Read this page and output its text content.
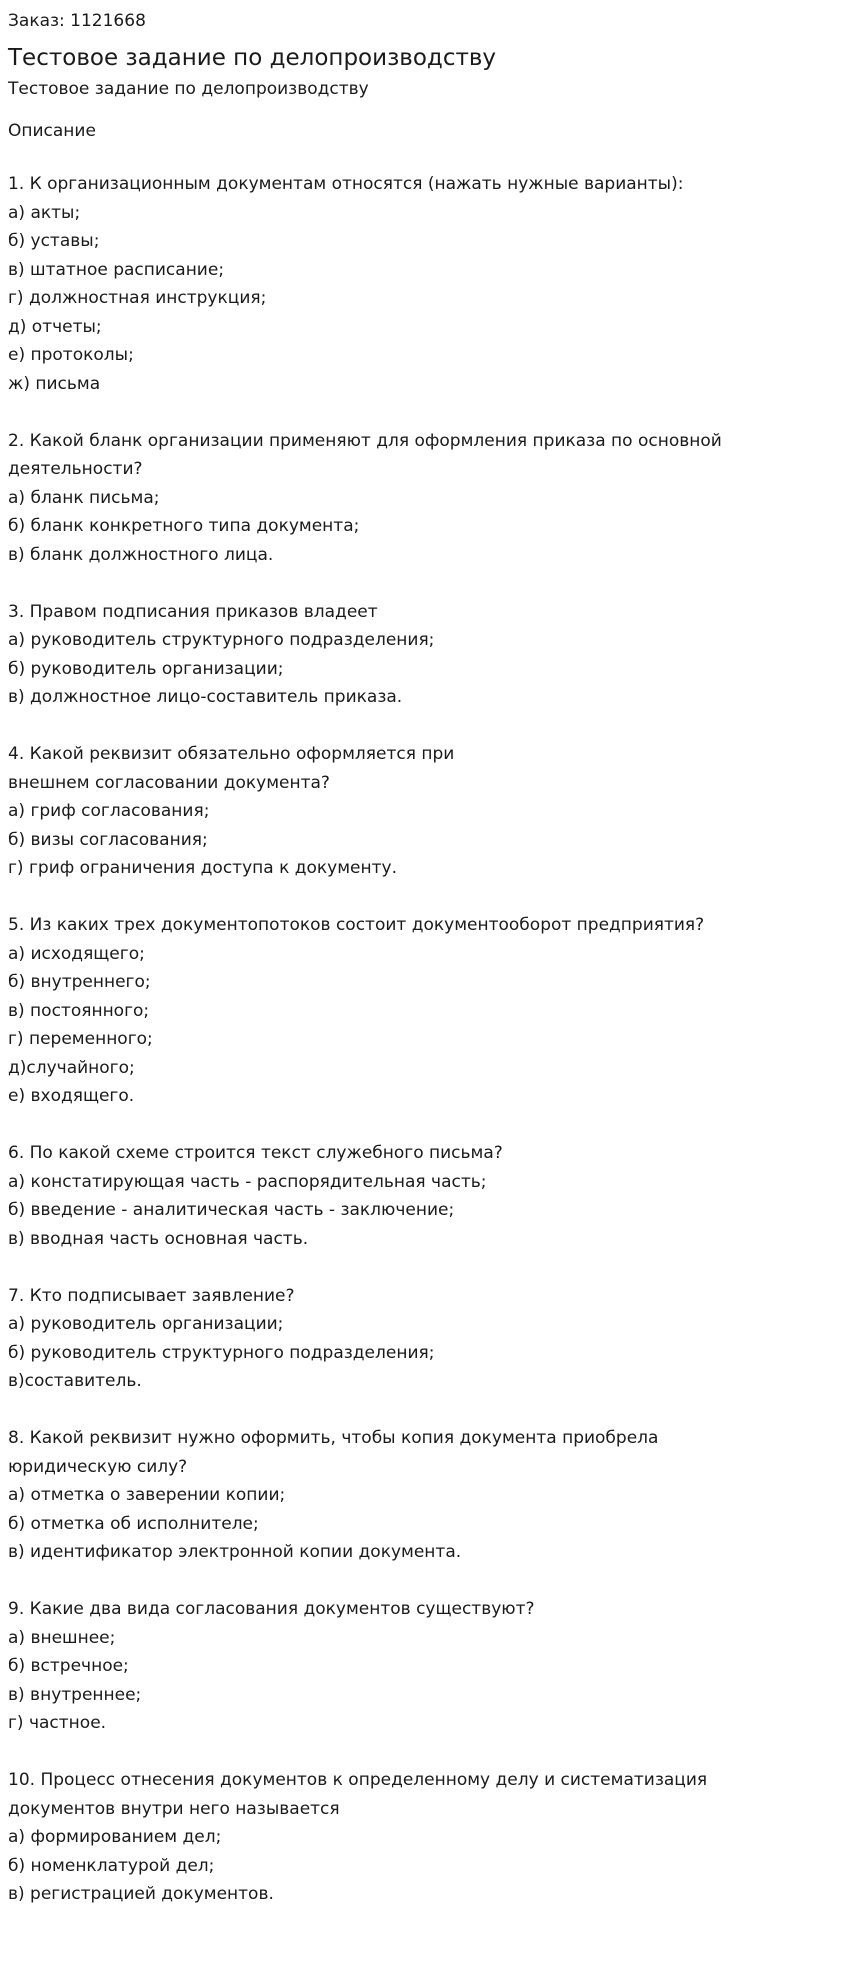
Заказ: 1121668
Тестовое задание по делопроизводству
Тестовое задание по делопроизводству
Описание
1. К организационным документам относятся (нажать нужные варианты):
а) акты;
б) уставы;
в) штатное расписание;
г) должностная инструкция;
д) отчеты;
е) протоколы;
ж) письма
2. Какой бланк организации применяют для оформления приказа по основной
деятельности?
а) бланк письма;
б) бланк конкретного типа документа;
в) бланк должностного лица.
3. Правом подписания приказов владеет
а) руководитель структурного подразделения;
б) руководитель организации;
в) должностное лицо-составитель приказа.
4. Какой реквизит обязательно оформляется при
внешнем согласовании документа?
а) гриф согласования;
б) визы согласования;
г) гриф ограничения доступа к документу.
5. Из каких трех документопотоков состоит документооборот предприятия?
а) исходящего;
б) внутреннего;
в) постоянного;
г) переменного;
д)случайного;
е) входящего.
6. По какой схеме строится текст служебного письма?
а) констатирующая часть - распорядительная часть;
б) введение - аналитическая часть - заключение;
в) вводная часть основная часть.
7. Кто подписывает заявление?
а) руководитель организации;
б) руководитель структурного подразделения;
в)составитель.
8. Какой реквизит нужно оформить, чтобы копия документа приобрела
юридическую силу?
а) отметка о заверении копии;
б) отметка об исполнителе;
в) идентификатор электронной копии документа.
9. Какие два вида согласования документов существуют?
а) внешнее;
б) встречное;
в) внутреннее;
г) частное.
10. Процесс отнесения документов к определенному делу и систематизация
документов внутри него называется
а) формированием дел;
б) номенклатурой дел;
в) регистрацией документов.
